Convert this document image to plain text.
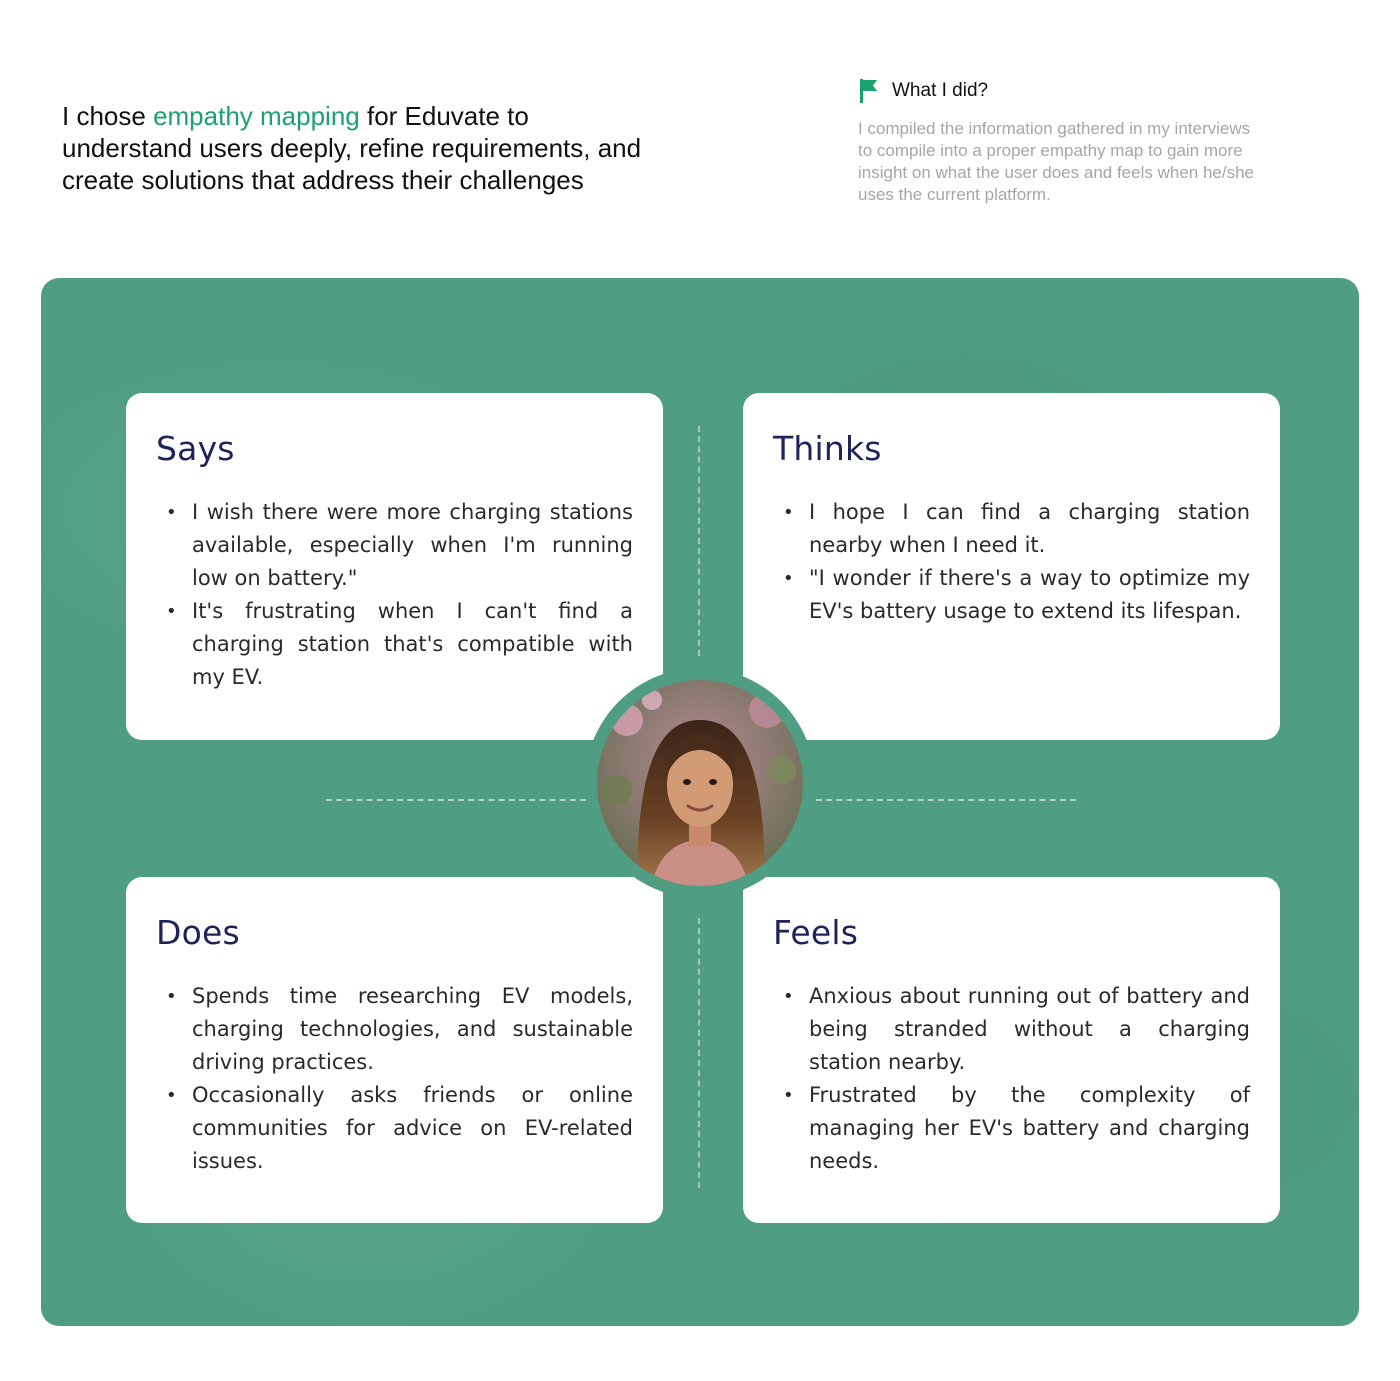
I chose empathy mapping for Eduvate to understand users deeply, refine requirements, and create solutions that address their challenges
What I did?

I compiled the information gathered in my interviews to compile into a proper empathy map to gain more insight on what the user does and feels when he/she uses the current platform.

Says
• I wish there were more charging stations available, especially when I'm running low on battery."
• It's frustrating when I can't find a charging station that's compatible with my EV.
Thinks
• I hope I can find a charging station nearby when I need it.
• "I wonder if there's a way to optimize my EV's battery usage to extend its lifespan.
Does
• Spends time researching EV models, charging technologies, and sustainable driving practices.
• Occasionally asks friends or online communities for advice on EV-related issues.
Feels
• Anxious about running out of battery and being stranded without a charging station nearby.
• Frustrated by the complexity of managing her EV's battery and charging needs.
